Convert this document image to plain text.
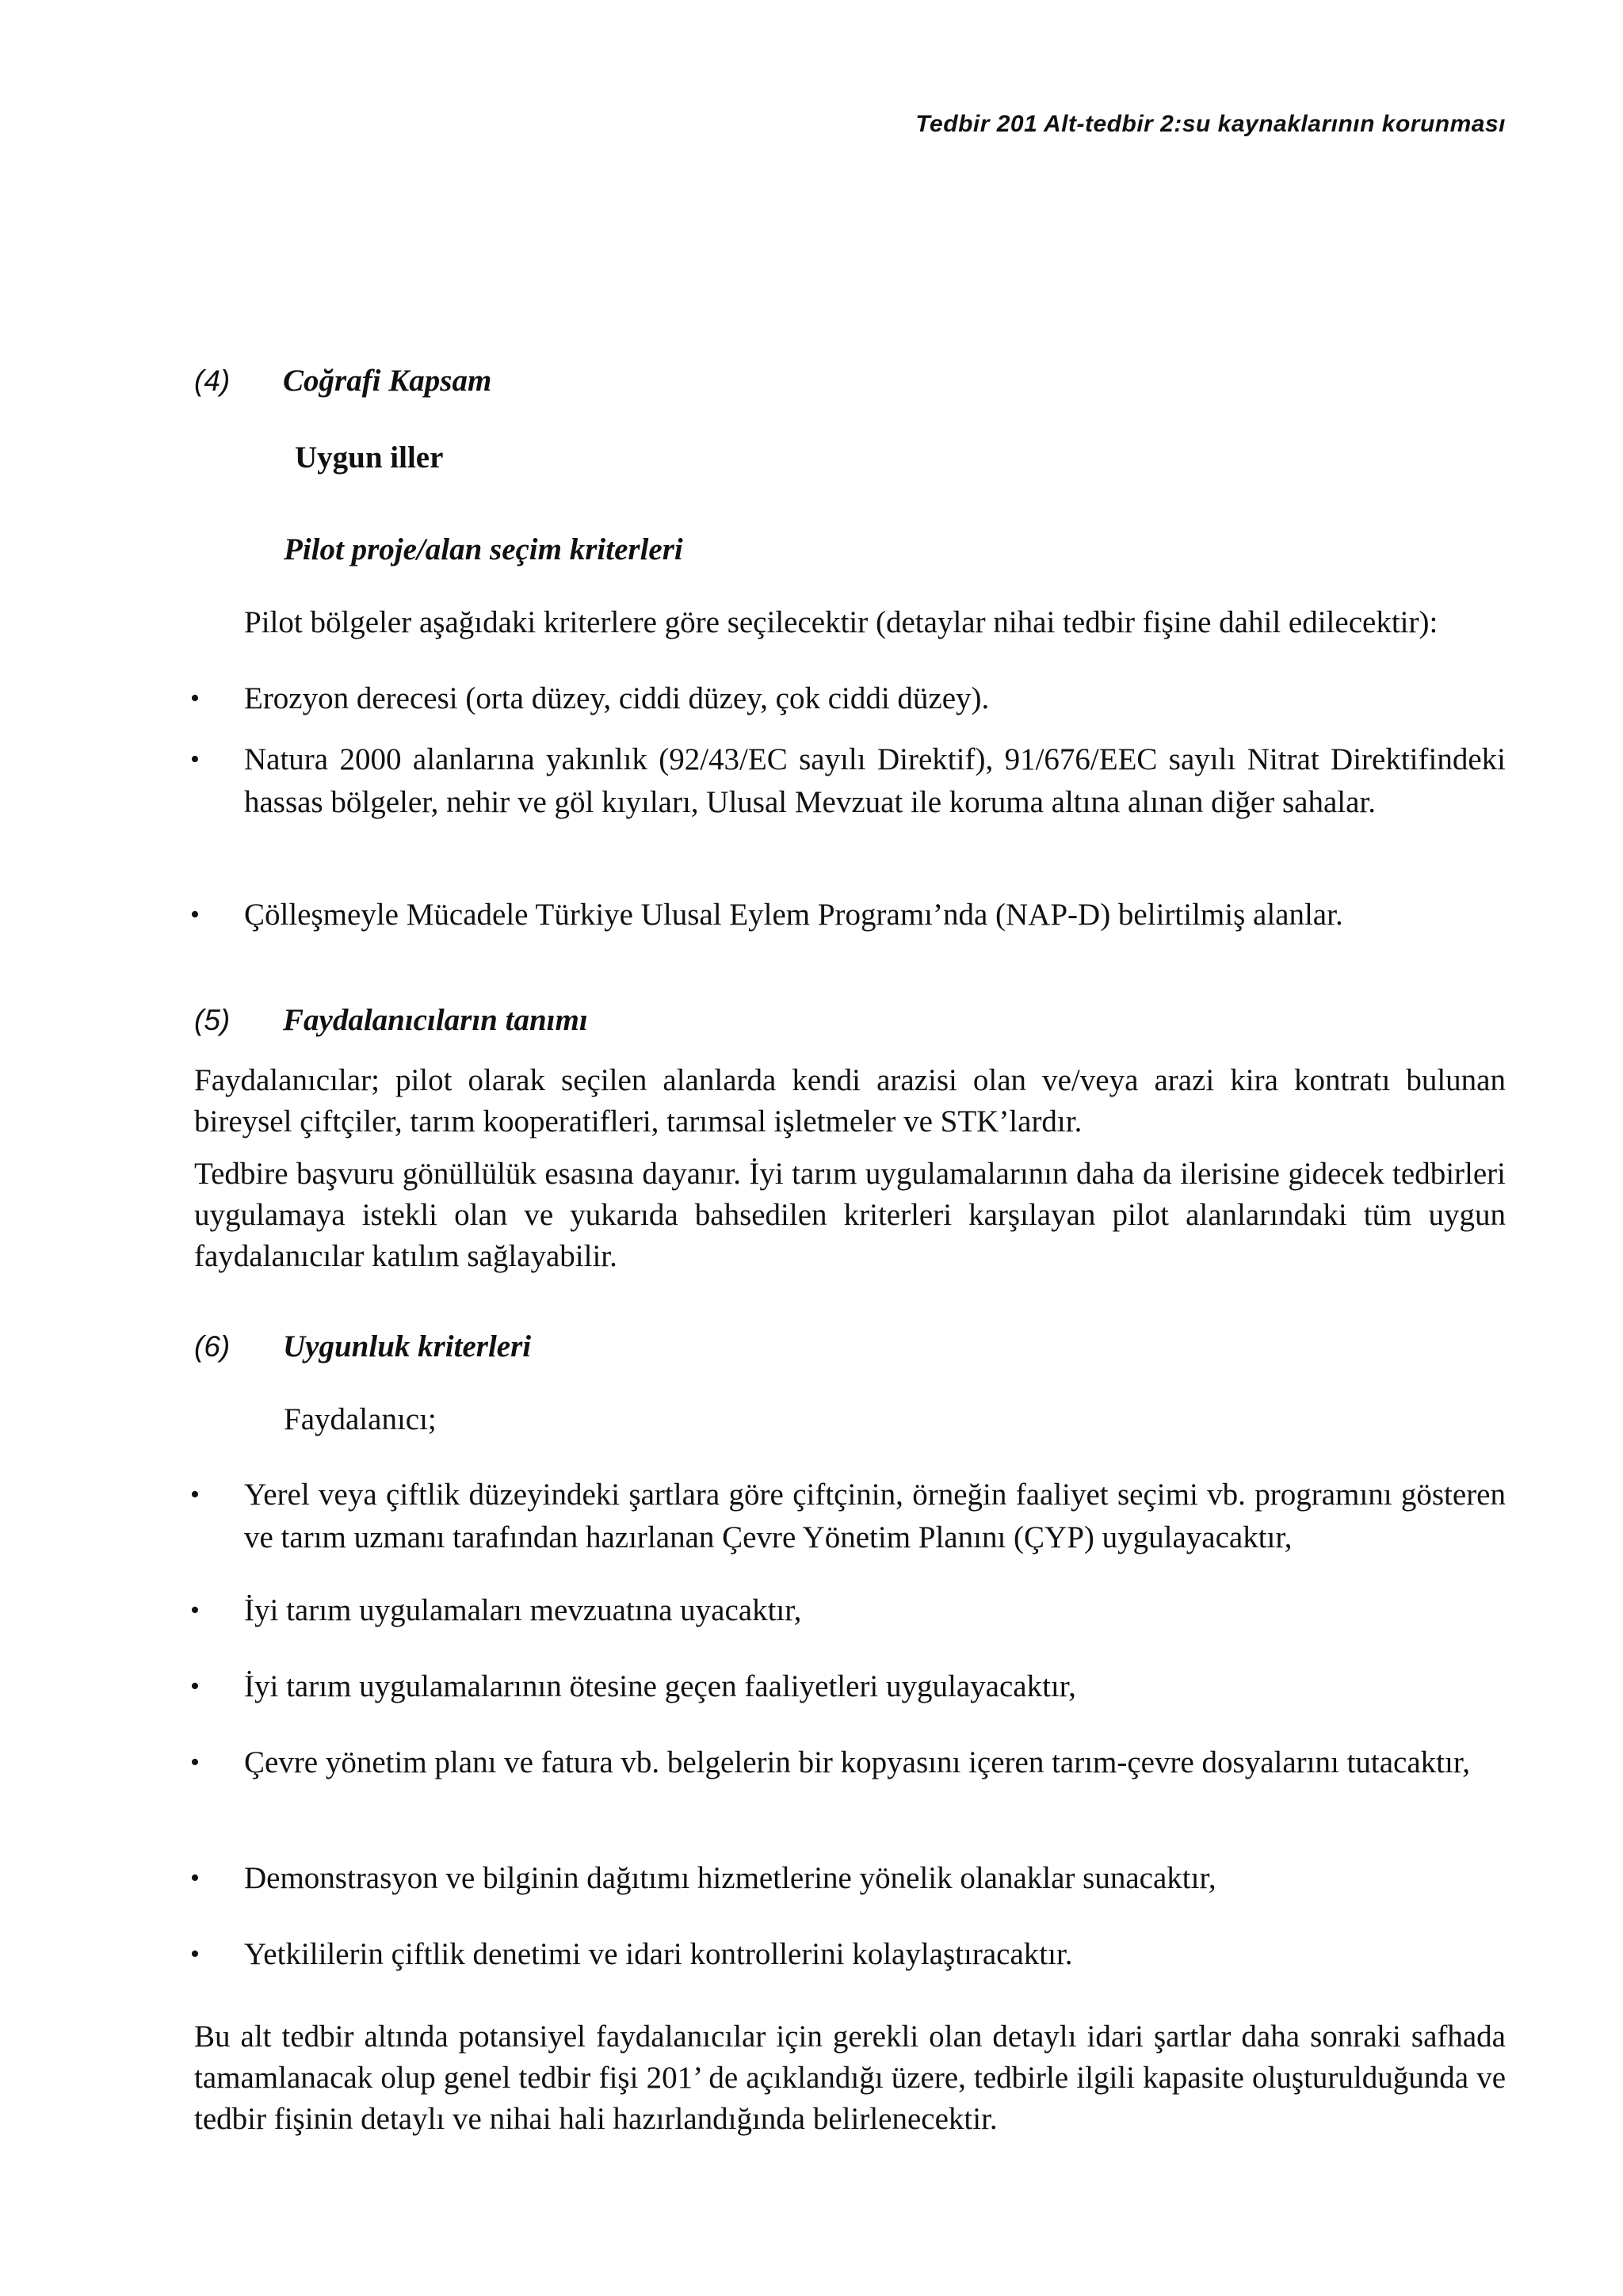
Tedbir 201 Alt-tedbir 2:su kaynaklarının korunması
(4)	Coğrafi Kapsam
Uygun iller
Pilot proje/alan seçim kriterleri
Pilot bölgeler aşağıdaki kriterlere göre seçilecektir (detaylar nihai tedbir fişine dahil edilecektir):
•	Erozyon derecesi (orta düzey, ciddi düzey, çok ciddi düzey).
•	Natura 2000 alanlarına yakınlık (92/43/EC sayılı Direktif), 91/676/EEC sayılı Nitrat Direktifindeki hassas bölgeler, nehir ve göl kıyıları, Ulusal Mevzuat ile koruma altına alınan diğer sahalar.
•	Çölleşmeyle Mücadele Türkiye Ulusal Eylem Programı’nda (NAP-D) belirtilmiş alanlar.
(5)	Faydalanıcıların tanımı
Faydalanıcılar; pilot olarak seçilen alanlarda kendi arazisi olan ve/veya arazi kira kontratı bulunan bireysel çiftçiler, tarım kooperatifleri, tarımsal işletmeler ve STK’lardır.
Tedbire başvuru gönüllülük esasına dayanır. İyi tarım uygulamalarının daha da ilerisine gidecek tedbirleri uygulamaya istekli olan ve yukarıda bahsedilen kriterleri karşılayan pilot alanlarındaki tüm uygun faydalanıcılar katılım sağlayabilir.
(6)	Uygunluk kriterleri
Faydalanıcı;
•	Yerel veya çiftlik düzeyindeki şartlara göre çiftçinin, örneğin faaliyet seçimi vb. programını gösteren ve tarım uzmanı tarafından hazırlanan Çevre Yönetim Planını (ÇYP) uygulayacaktır,
•	İyi tarım uygulamaları mevzuatına uyacaktır,
•	İyi tarım uygulamalarının ötesine geçen faaliyetleri uygulayacaktır,
•	Çevre yönetim planı ve fatura vb. belgelerin bir kopyasını içeren tarım-çevre dosyalarını tutacaktır,
•	Demonstrasyon ve bilginin dağıtımı hizmetlerine yönelik olanaklar sunacaktır,
•	Yetkililerin çiftlik denetimi ve idari kontrollerini kolaylaştıracaktır.
Bu alt tedbir altında potansiyel faydalanıcılar için gerekli olan detaylı idari şartlar daha sonraki safhada tamamlanacak olup genel tedbir fişi 201’ de açıklandığı üzere, tedbirle ilgili kapasite oluşturulduğunda ve tedbir fişinin detaylı ve nihai hali hazırlandığında belirlenecektir.
